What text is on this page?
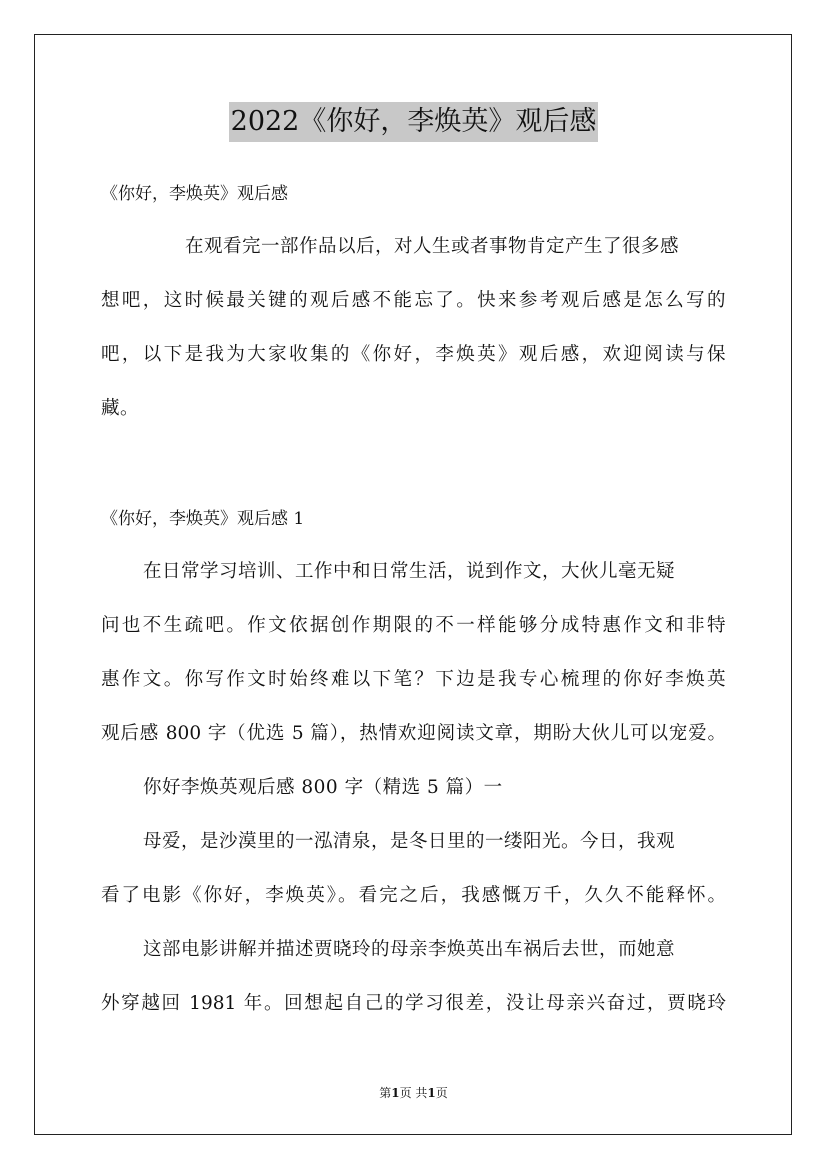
2022《你好，李焕英》观后感
《你好，李焕英》观后感
在观看完一部作品以后，对人生或者事物肯定产生了很多感
想吧，这时候最关键的观后感不能忘了。快来参考观后感是怎么写的
吧，以下是我为大家收集的《你好，李焕英》观后感，欢迎阅读与保
藏。
《你好，李焕英》观后感 1
在日常学习培训、工作中和日常生活，说到作文，大伙儿毫无疑
问也不生疏吧。作文依据创作期限的不一样能够分成特惠作文和非特
惠作文。你写作文时始终难以下笔？下边是我专心梳理的你好李焕英
观后感 800 字（优选 5 篇），热情欢迎阅读文章，期盼大伙儿可以宠爱。
你好李焕英观后感 800 字（精选 5 篇）一
母爱，是沙漠里的一泓清泉，是冬日里的一缕阳光。今日，我观
看了电影《你好，李焕英》。看完之后，我感慨万千，久久不能释怀。
这部电影讲解并描述贾晓玲的母亲李焕英出车祸后去世，而她意
外穿越回 1981 年。回想起自己的学习很差，没让母亲兴奋过，贾晓玲
第1页 共1页
